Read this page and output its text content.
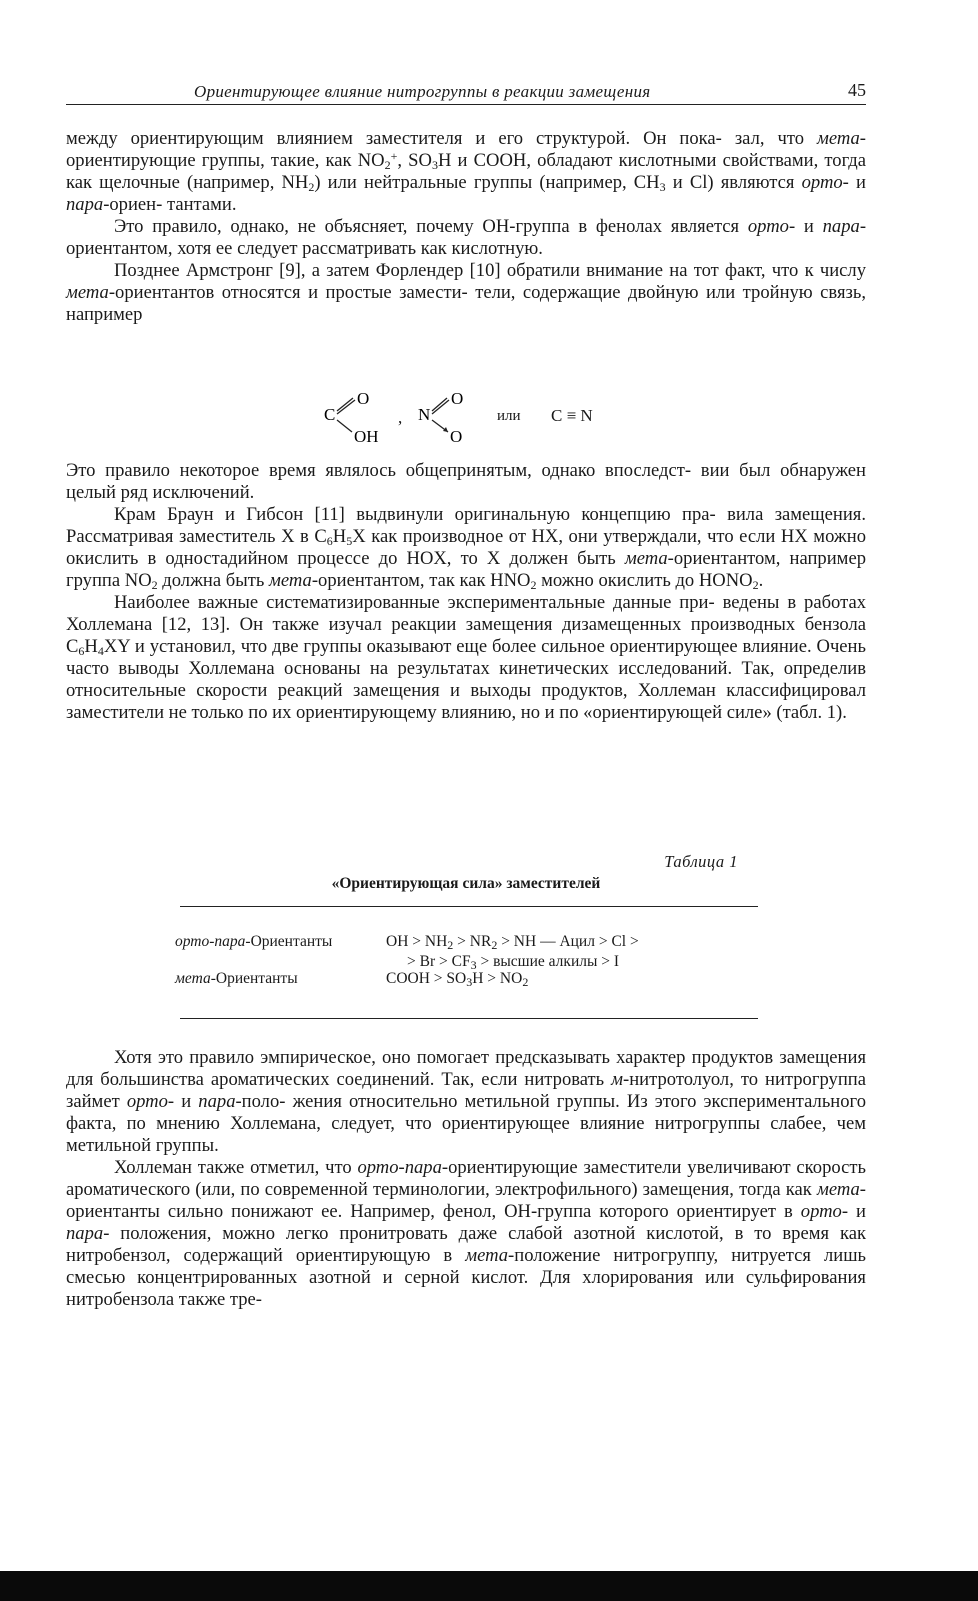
Ориентирующее влияние нитрогруппы в реакции замещения	45

между ориентирующим влиянием заместителя и его структурой. Он пока- зал, что мета-ориентирующие группы, такие, как $NO_2^+$, $SO_3H$ и COOH, обладают кислотными свойствами, тогда как щелочные (например, $NH_2$) или нейтральные группы (например, $CH_3$ и Cl) являются орто- и пара-ориен- тантами.

Это правило, однако, не объясняет, почему OH-группа в фенолах является орто- и пара-ориентантом, хотя ее следует рассматривать как кислотную.

Позднее Армстронг [9], а затем Форлендер [10] обратили внимание на тот факт, что к числу мета-ориентантов относятся и простые замести- тели, содержащие двойную или тройную связь, например

C
O
OH
, N
O
O
или C ≡ N

Это правило некоторое время являлось общепринятым, однако впоследст- вии был обнаружен целый ряд исключений.

Крам Браун и Гибсон [11] выдвинули оригинальную концепцию пра- вила замещения. Рассматривая заместитель X в $C_6H_5X$ как производное от HX, они утверждали, что если HX можно окислить в одностадийном процессе до HOX, то X должен быть мета-ориентантом, например группа $NO_2$ должна быть мета-ориентантом, так как $HNO_2$ можно окислить до $HONO_2$.

Наиболее важные систематизированные экспериментальные данные при- ведены в работах Холлемана [12, 13]. Он также изучал реакции замещения дизамещенных производных бензола $C_6H_4XY$ и установил, что две группы оказывают еще более сильное ориентирующее влияние. Очень часто выводы Холлемана основаны на результатах кинетических исследований. Так, определив относительные скорости реакций замещения и выходы продуктов, Холлеман классифицировал заместители не только по их ориентирующему влиянию, но и по «ориентирующей силе» (табл. 1).

Таблица 1
«Ориентирующая сила» заместителей
орто-пара-Ориентанты	OH > $NH_2 > NR_2$ > NH — Ацил > Cl >
> $Br > CF_3$ > высшие алкилы > I
мета-Ориентанты	COOH > $SO_3H > NO_2$

Хотя это правило эмпирическое, оно помогает предсказывать характер продуктов замещения для большинства ароматических соединений. Так, если нитровать м-нитротолуол, то нитрогруппа займет орто- и пара-поло- жения относительно метильной группы. Из этого экспериментального факта, по мнению Холлемана, следует, что ориентирующее влияние нитрогруппы слабее, чем метильной группы.

Холлеман также отметил, что орто-пара-ориентирующие заместители увеличивают скорость ароматического (или, по современной терминологии, электрофильного) замещения, тогда как мета-ориентанты сильно понижают ее. Например, фенол, OH-группа которого ориентирует в орто- и пара- положения, можно легко пронитровать даже слабой азотной кислотой, в то время как нитробензол, содержащий ориентирующую в мета-положение нитрогруппу, нитруется лишь смесью концентрированных азотной и серной кислот. Для хлорирования или сульфирования нитробензола также тре-
